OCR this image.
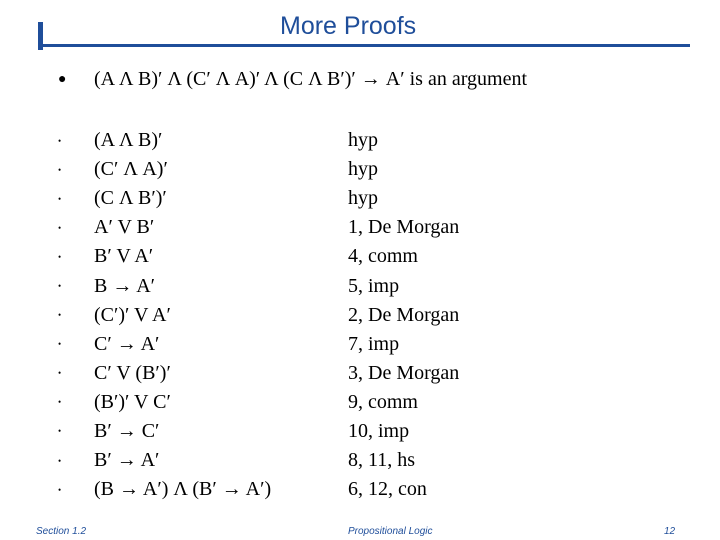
More Proofs
●	(A Λ B)′ Λ (C′ Λ A)′ Λ (C Λ B′)′ → A′ is an argument
•	(A Λ B)′	hyp
•	(C′ Λ A)′	hyp
•	(C Λ B′)′	hyp
•	A′ V B′	1, De Morgan
•	B′ V A′	4, comm
•	B → A′	5, imp
•	(C′)′ V A′	2, De Morgan
•	C′ → A′	7, imp
•	C′ V (B′)′	3, De Morgan
•	(B′)′ V C′	9, comm
•	B′ → C′	10, imp
•	B′ → A′	8, 11, hs
•	(B → A′) Λ (B′ → A′)	6, 12, con
Section 1.2	Propositional Logic	12
